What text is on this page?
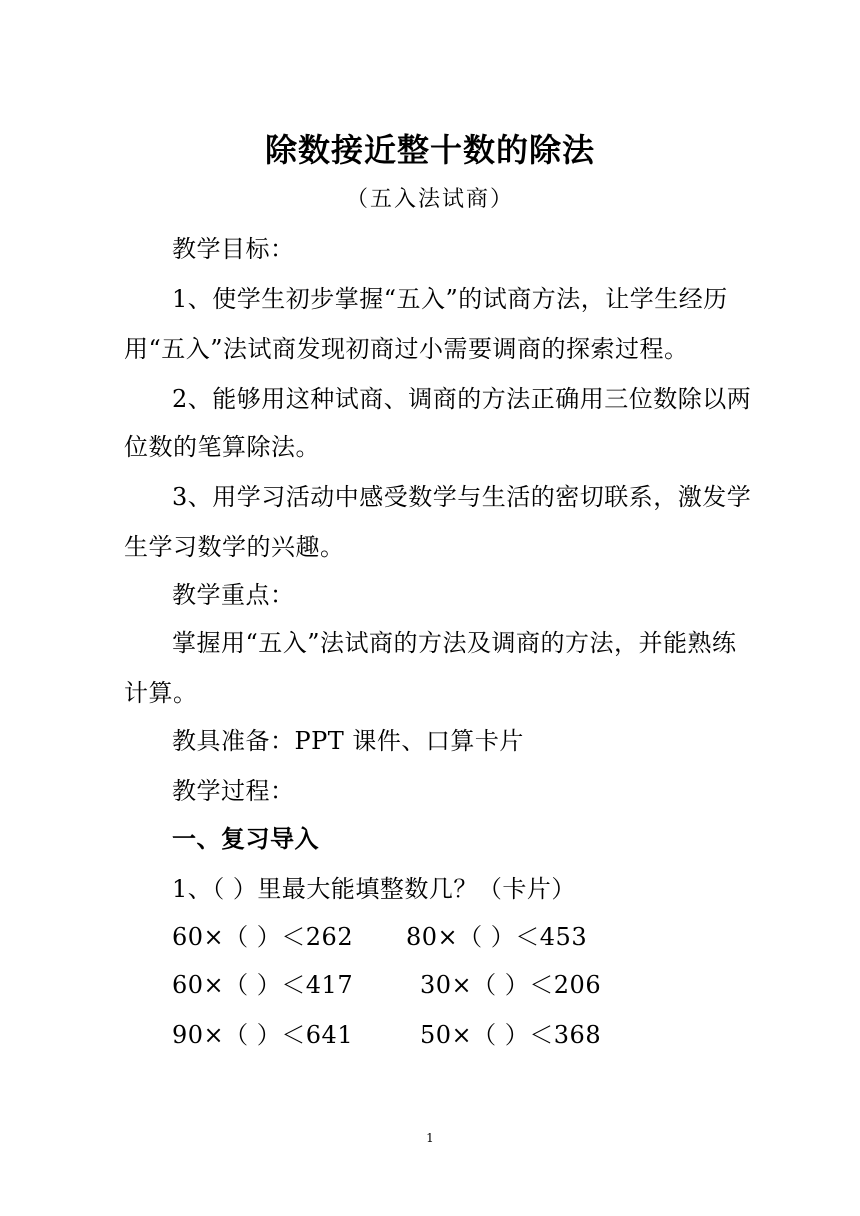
除数接近整十数的除法
（五入法试商）
教学目标：
1、使学生初步掌握“五入”的试商方法，让学生经历
用“五入”法试商发现初商过小需要调商的探索过程。
2、能够用这种试商、调商的方法正确用三位数除以两
位数的笔算除法。
3、用学习活动中感受数学与生活的密切联系，激发学
生学习数学的兴趣。
教学重点：
掌握用“五入”法试商的方法及调商的方法，并能熟练
计算。
教具准备：PPT 课件、口算卡片
教学过程：
一、复习导入
1、（ ）里最大能填整数几？（卡片）
60×（ ）＜262 80×（ ）＜453
60×（ ）＜417	30×（ ）＜206
90×（ ）＜641	50×（ ）＜368
1
